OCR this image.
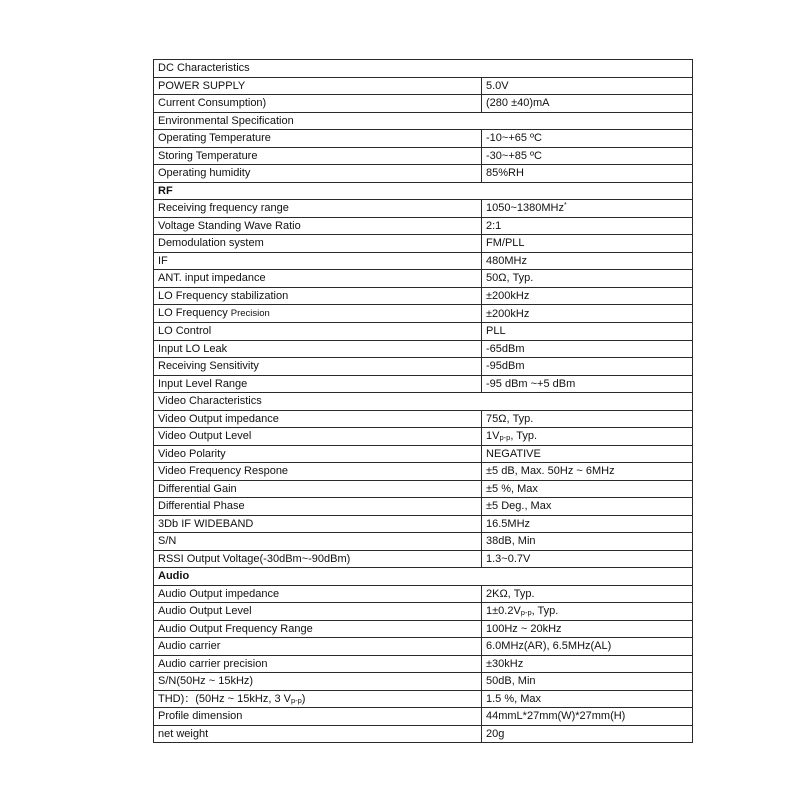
DC Characteristics	
POWER SUPPLY	5.0V
Current Consumption)	(280 ±40)mA
Environmental Specification	
Operating Temperature	-10~+65 ºC
Storing Temperature	-30~+85 ºC
Operating humidity	85%RH
RF	
Receiving frequency range	1050~1380MHz*
Voltage Standing Wave Ratio	2:1
Demodulation system	FM/PLL
IF	480MHz
ANT. input impedance	50Ω, Typ.
LO Frequency stabilization	±200kHz
LO Frequency Precision	±200kHz
LO Control	PLL
Input LO Leak	-65dBm
Receiving Sensitivity	-95dBm
Input Level Range	-95 dBm ~+5 dBm
Video Characteristics	
Video Output impedance	75Ω, Typ.
Video Output Level	1Vp-p, Typ.
Video Polarity	NEGATIVE
Video Frequency Respone	±5 dB, Max. 50Hz ~ 6MHz
Differential Gain	±5 %, Max
Differential Phase	±5 Deg., Max
3Db IF WIDEBAND	16.5MHz
S/N	38dB, Min
RSSI Output Voltage(-30dBm~-90dBm)	1.3~0.7V
Audio	
Audio Output impedance	2KΩ, Typ.
Audio Output Level	1±0.2Vp-p, Typ.
Audio Output Frequency Range	100Hz ~ 20kHz
Audio carrier	6.0MHz(AR), 6.5MHz(AL)
Audio carrier precision	±30kHz
S/N(50Hz ~ 15kHz)	50dB, Min
THD)：(50Hz ~ 15kHz, 3 Vp-p)	1.5 %, Max
Profile dimension	44mmL*27mm(W)*27mm(H)
net weight	20g
